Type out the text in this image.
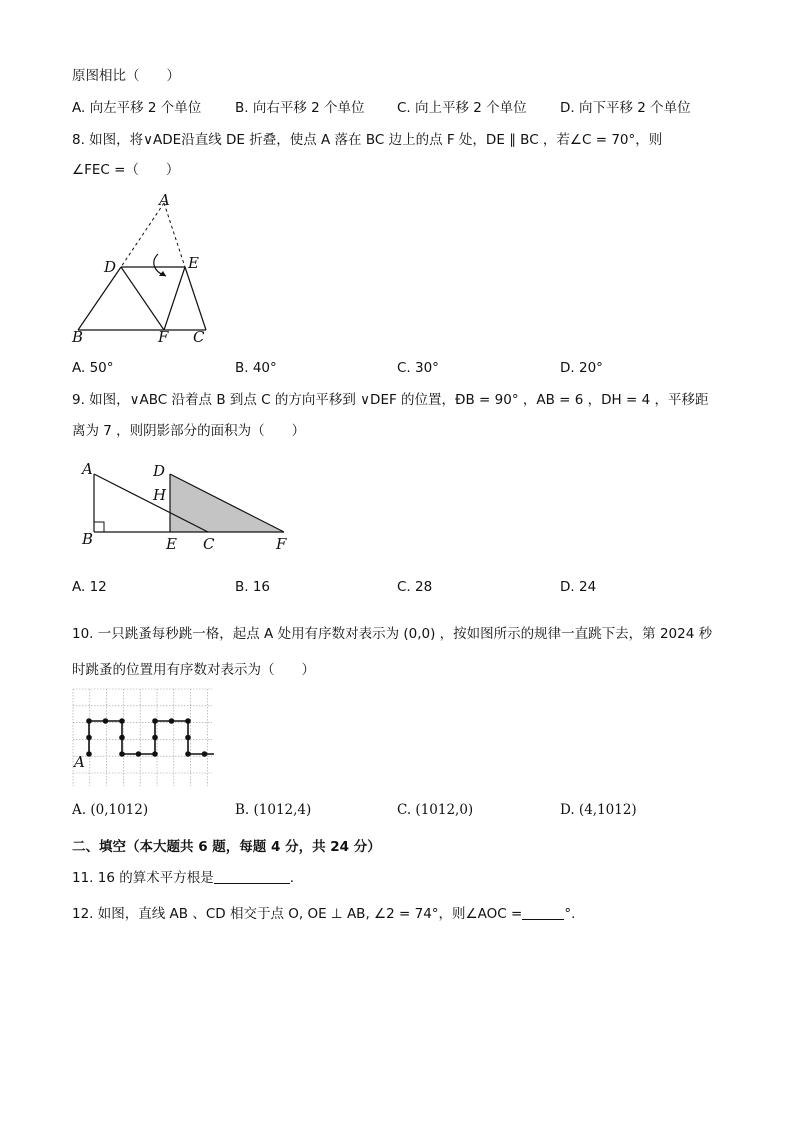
原图相比（　　）
A. 向左平移 2 个单位 B. 向右平移 2 个单位 C. 向上平移 2 个单位 D. 向下平移 2 个单位
8. 如图，将∨ADE沿直线 DE 折叠，使点 A 落在 BC 边上的点 F 处，DE ∥ BC ，若∠C = 70°，则
∠FEC =（　　）
A
D	E
B	F C
A. 50°	B. 40°	C. 30°	D. 20°
9. 如图，∨ABC 沿着点 B 到点 C 的方向平移到 ∨DEF 的位置，ÐB = 90° ，AB = 6 ，DH = 4 ，平移距
离为 7 ，则阴影部分的面积为（　　）
A	D
H
B	E C	F
A. 12	B. 16	C. 28	D. 24
10. 一只跳蚤每秒跳一格，起点 A 处用有序数对表示为 (0,0) ，按如图所示的规律一直跳下去，第 2024 秒
时跳蚤的位置用有序数对表示为（　　）
A
A. (0,1012)	B. (1012,4)	C. (1012,0)	D. (4,1012)
二、填空（本大题共 6 题，每题 4 分，共 24 分）
11. 16 的算术平方根是	.
12. 如图，直线 AB 、CD 相交于点 O, OE ⊥ AB, ∠2 = 74°，则∠AOC =	°.
